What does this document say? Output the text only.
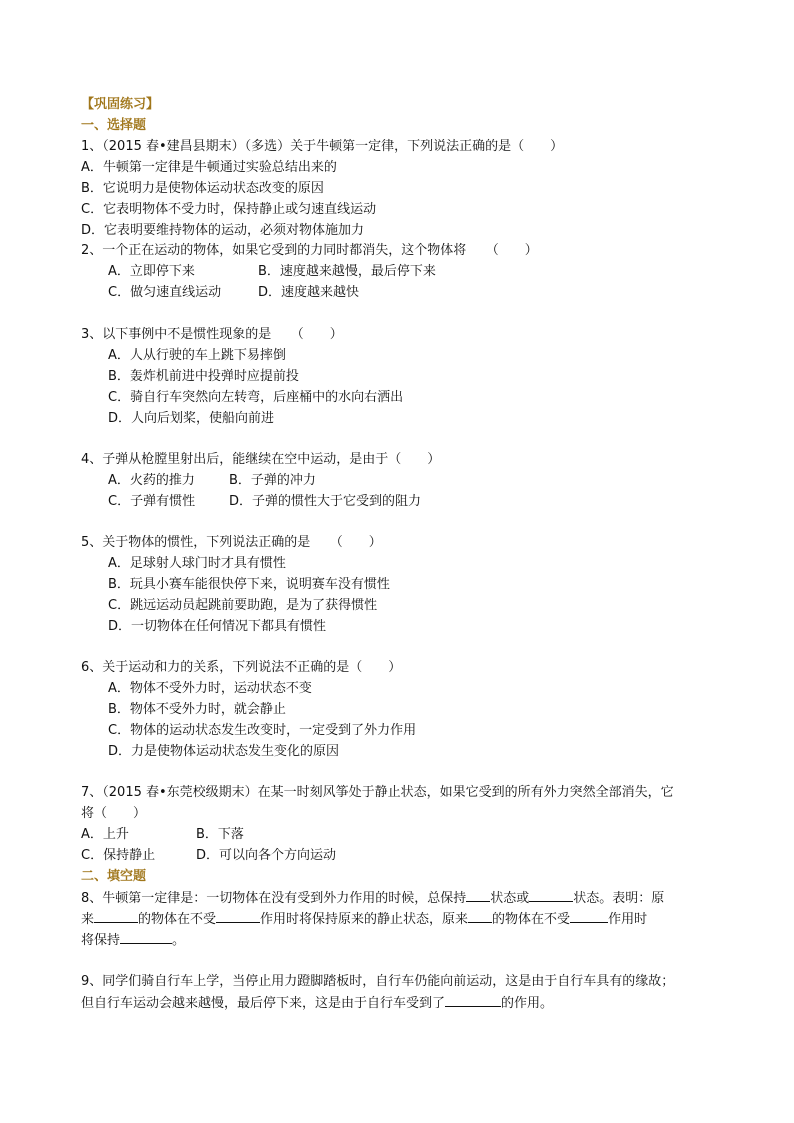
【巩固练习】
一、选择题
1、（2015 春•建昌县期末）（多选）关于牛顿第一定律，下列说法正确的是（　　）
A．牛顿第一定律是牛顿通过实验总结出来的
B．它说明力是使物体运动状态改变的原因
C．它表明物体不受力时，保持静止或匀速直线运动
D．它表明要维持物体的运动，必须对物体施加力
2、一个正在运动的物体，如果它受到的力同时都消失，这个物体将　　（　　）
A．立即停下来	B．速度越来越慢，最后停下来
C．做匀速直线运动	D．速度越来越快
3、以下事例中不是惯性现象的是　　（　　）
A．人从行驶的车上跳下易摔倒
B．轰炸机前进中投弹时应提前投
C．骑自行车突然向左转弯，后座桶中的水向右洒出
D．人向后划桨，使船向前进
4、子弹从枪膛里射出后，能继续在空中运动，是由于（　　）
A．火药的推力	B．子弹的冲力
C．子弹有惯性	D．子弹的惯性大于它受到的阻力
5、关于物体的惯性，下列说法正确的是　　（　　）
A．足球射人球门时才具有惯性
B．玩具小赛车能很快停下来，说明赛车没有惯性
C．跳远运动员起跳前要助跑，是为了获得惯性
D．一切物体在任何情况下都具有惯性
6、关于运动和力的关系，下列说法不正确的是（　　）
A．物体不受外力时，运动状态不变
B．物体不受外力时，就会静止
C．物体的运动状态发生改变时，一定受到了外力作用
D．力是使物体运动状态发生变化的原因
7、（2015 春•东莞校级期末）在某一时刻风筝处于静止状态，如果它受到的所有外力突然全部消失，它
将（　　）
A．上升	B．下落
C．保持静止	D．可以向各个方向运动
二、填空题
8、牛顿第一定律是：一切物体在没有受到外力作用的时候，总保持 状态或	状态。表明：原
来	的物体在不受	作用时将保持原来的静止状态，原来 的物体在不受	作用时
将保持	。
9、同学们骑自行车上学，当停止用力蹬脚踏板时，自行车仍能向前运动，这是由于自行车具有的缘故；
但自行车运动会越来越慢，最后停下来，这是由于自行车受到了	的作用。
